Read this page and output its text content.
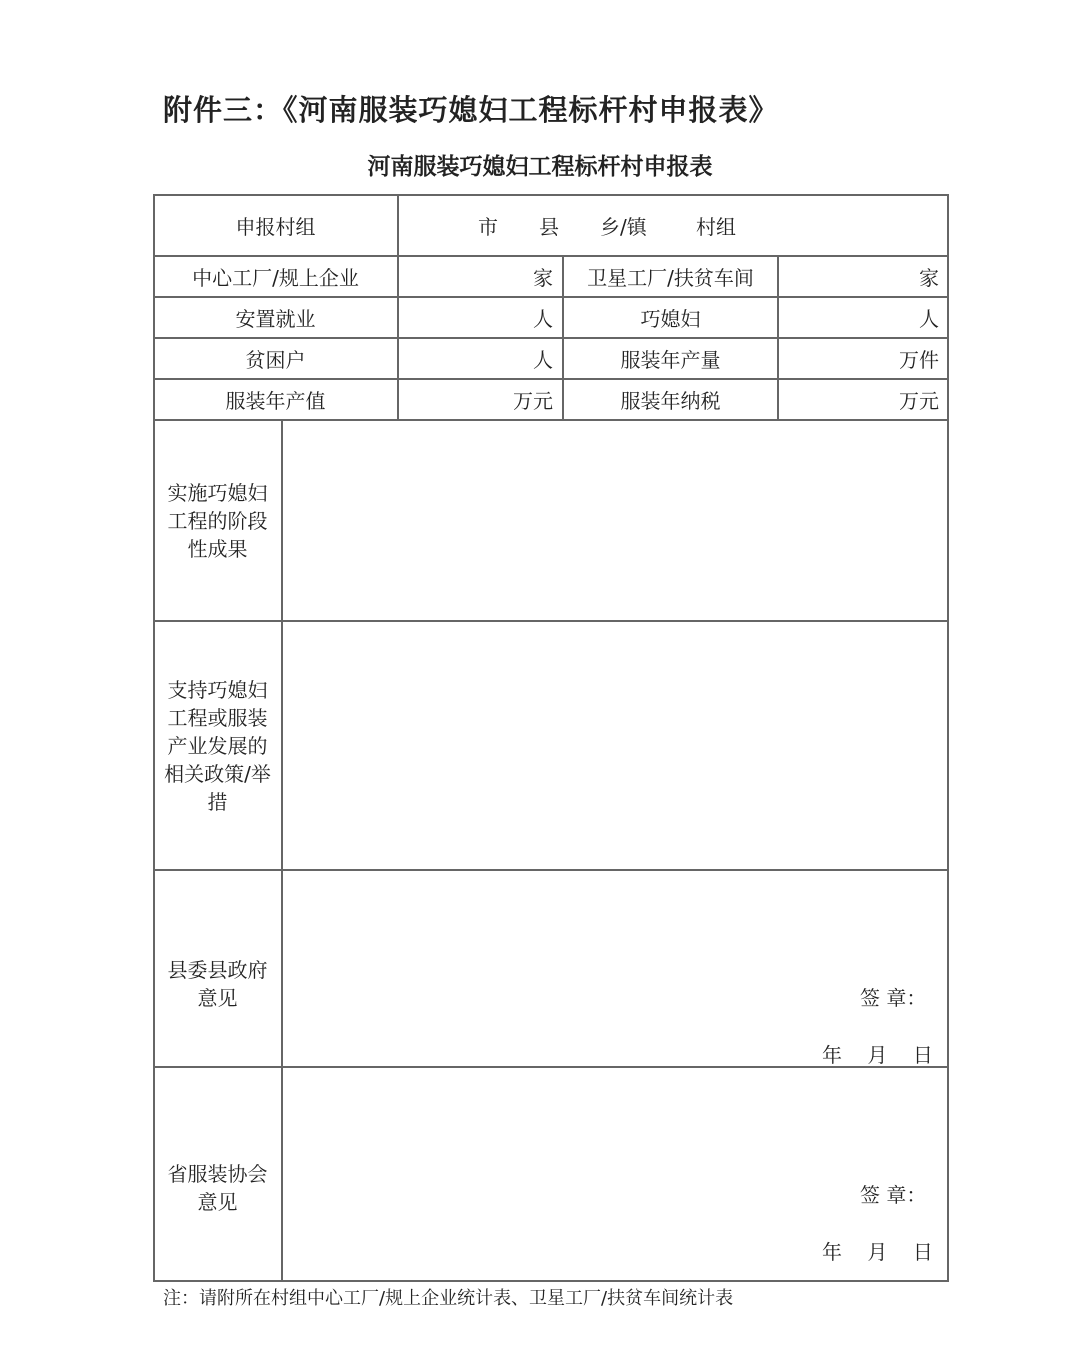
附件三：《河南服装巧媳妇工程标杆村申报表》
河南服装巧媳妇工程标杆村申报表
申报村组	市 县 乡/镇 村组
中心工厂/规上企业	家	卫星工厂/扶贫车间	家
安置就业	人	巧媳妇	人
贫困户	人	服装年产量	万件
服装年产值	万元	服装年纳税	万元
实施巧媳妇工程的阶段性成果
支持巧媳妇工程或服装产业发展的相关政策/举措
县委县政府意见	签 章：
年    月    日
省服装协会意见	签 章：
年    月    日
注：请附所在村组中心工厂/规上企业统计表、卫星工厂/扶贫车间统计表
